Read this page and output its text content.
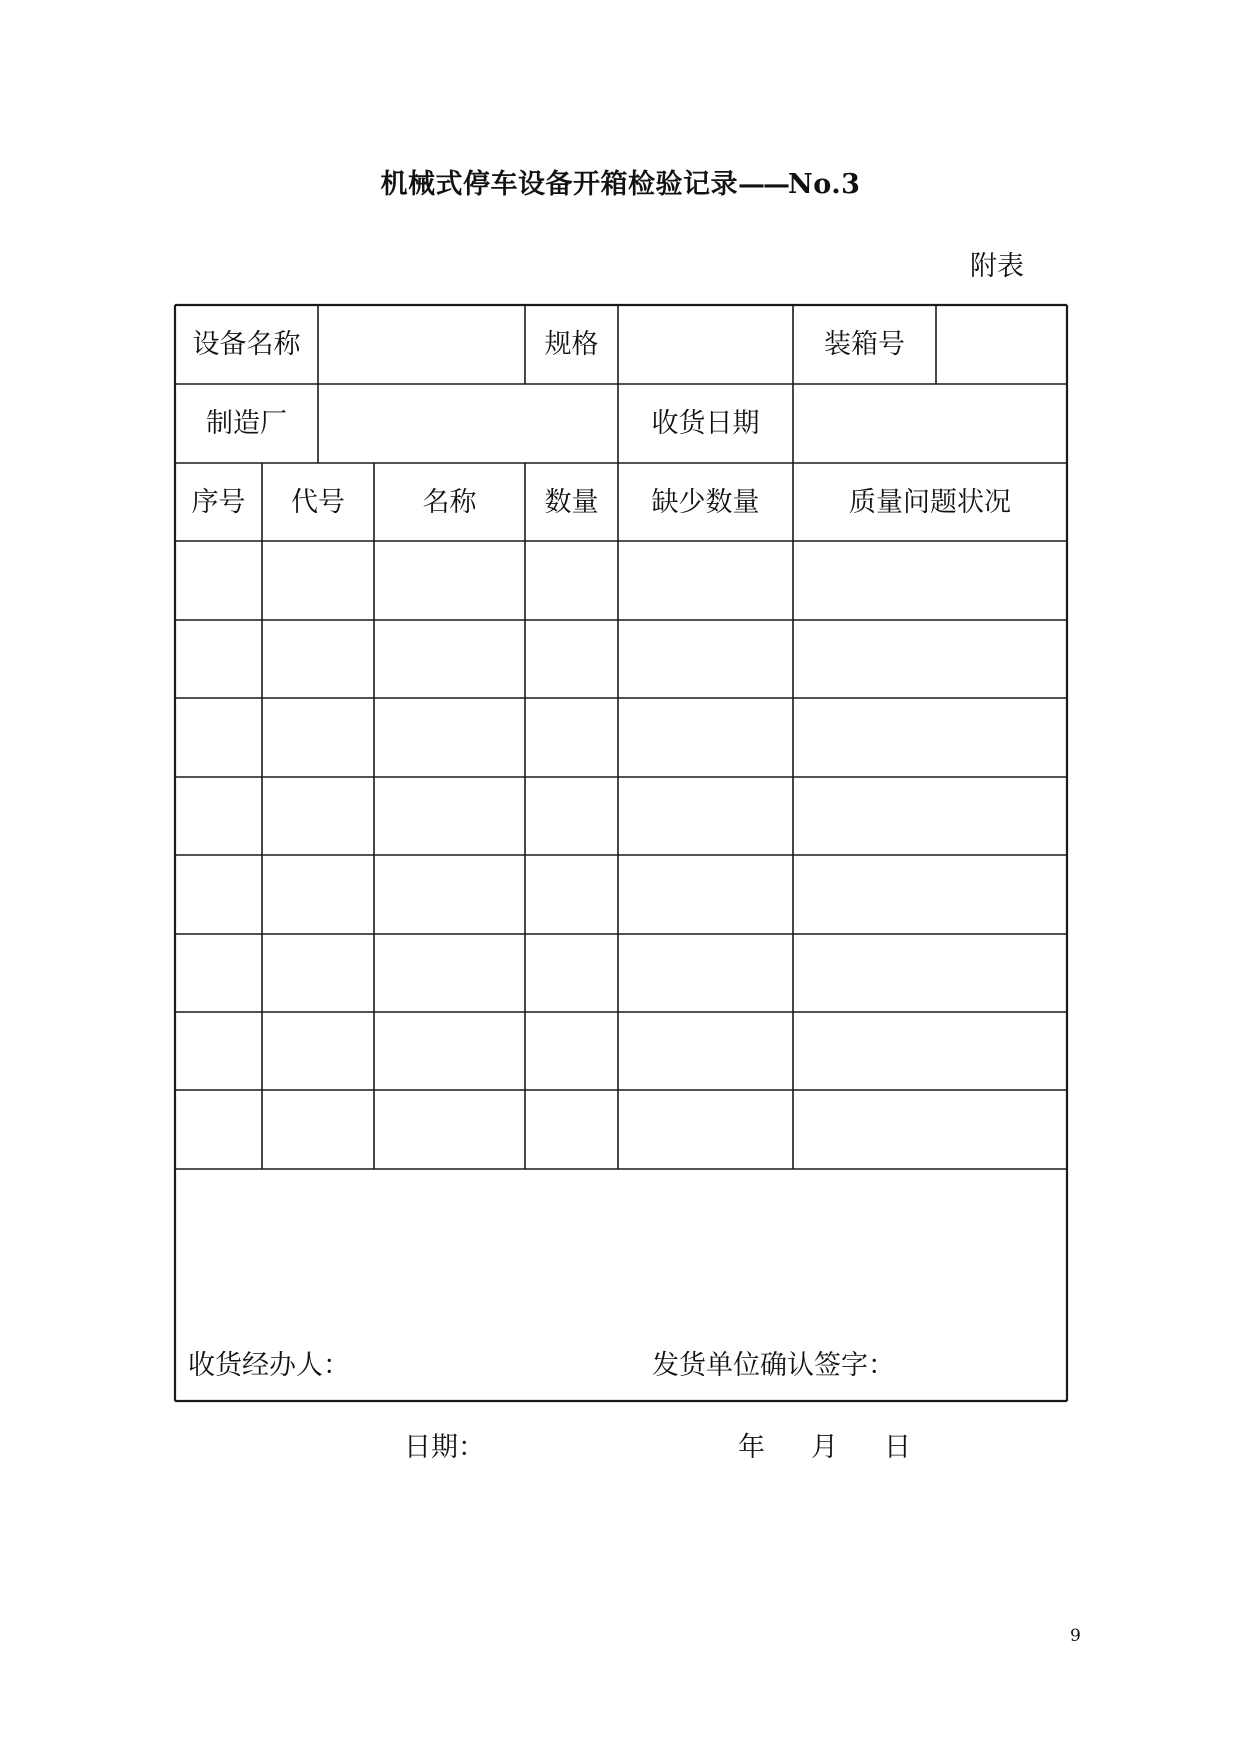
机械式停车设备开箱检验记录——No.3
附表
设备名称	规格	装箱号
制造厂	收货日期
序号	代号	名称	数量	缺少数量	质量问题状况
收货经办人：	发货单位确认签字：
日期：	年 月 日
9
